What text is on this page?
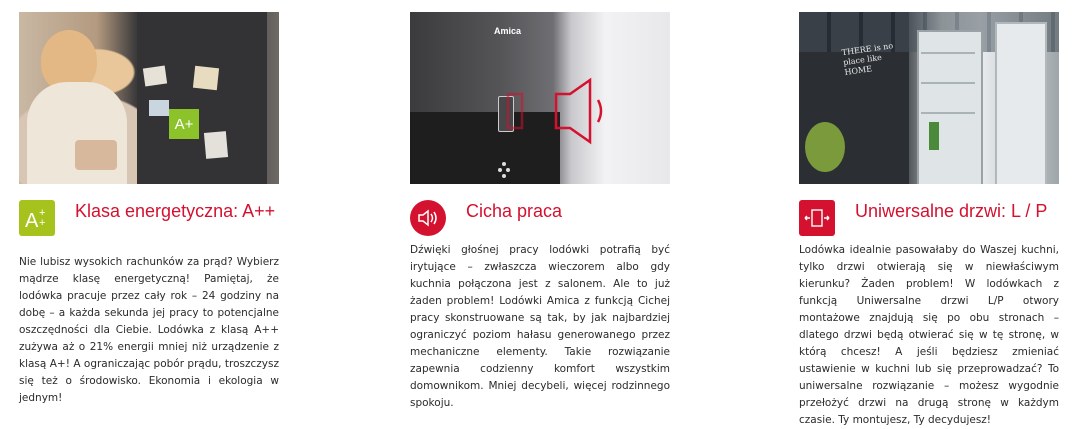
A+
A +
+
Klasa energetyczna: A++
Nie lubisz wysokich rachunków za prąd? Wybierz mądrze klasę energetyczną! Pamiętaj, że lodówka pracuje przez cały rok – 24 godziny na dobę – a każda sekunda jej pracy to potencjalne oszczędności dla Ciebie. Lodówka z klasą A++ zużywa aż o 21% energii mniej niż urządzenie z klasą A+! A ograniczając pobór prądu, troszczysz się też o środowisko. Ekonomia i ekologia w jednym!
Amica
Cicha praca
Dźwięki głośnej pracy lodówki potrafią być irytujące – zwłaszcza wieczorem albo gdy kuchnia połączona jest z salonem. Ale to już żaden problem! Lodówki Amica z funkcją Cichej pracy skonstruowane są tak, by jak najbardziej ograniczyć poziom hałasu generowanego przez mechaniczne elementy. Takie rozwiązanie zapewnia codzienny komfort wszystkim domownikom. Mniej decybeli, więcej rodzinnego spokoju.
THERE is no place like HOME
Uniwersalne drzwi: L / P
Lodówka idealnie pasowałaby do Waszej kuchni, tylko drzwi otwierają się w niewłaściwym kierunku? Żaden problem! W lodówkach z funkcją Uniwersalne drzwi L/P otwory montażowe znajdują się po obu stronach – dlatego drzwi będą otwierać się w tę stronę, w którą chcesz! A jeśli będziesz zmieniać ustawienie w kuchni lub się przeprowadzać? To uniwersalne rozwiązanie – możesz wygodnie przełożyć drzwi na drugą stronę w każdym czasie. Ty montujesz, Ty decydujesz!
